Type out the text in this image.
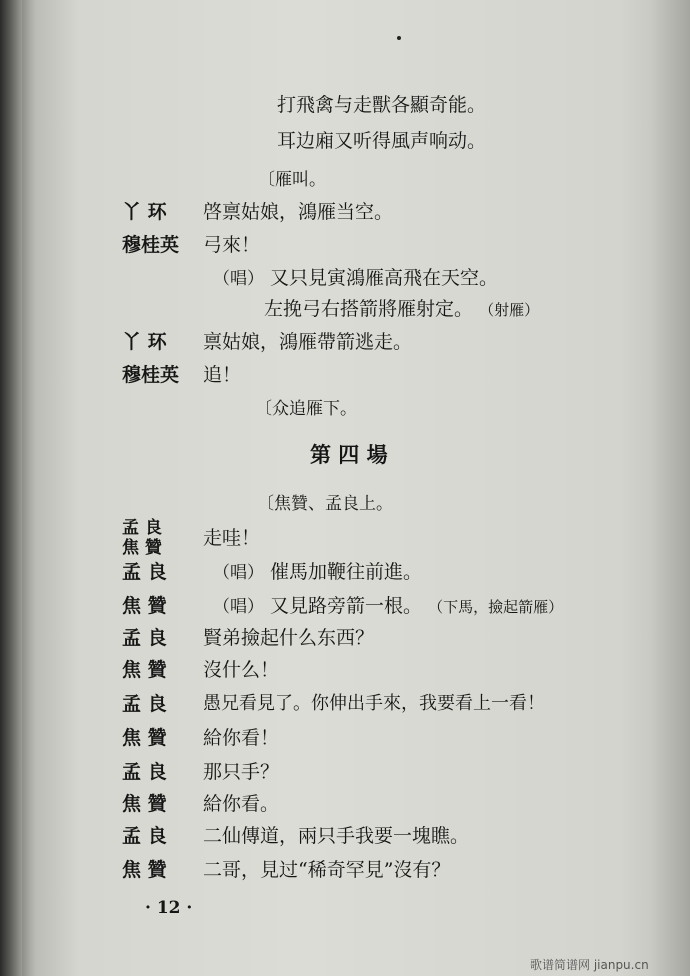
打飛禽与走獸各顯奇能。
耳边廂又听得風声响动。
〔雁叫。
丫 环 啓禀姑娘，鴻雁当空。
穆桂英 弓來！
（唱） 又只見寅鴻雁高飛在天空。
左挽弓右搭箭將雁射定。 （射雁）
丫 环 禀姑娘，鴻雁帶箭逃走。
穆桂英 追！
〔众追雁下。
第 四 場
〔焦贊、孟良上。
孟 良
焦 贊 走哇！
孟 良	（唱） 催馬加鞭往前進。
焦 贊	（唱） 又見路旁箭一根。 （下馬，撿起箭雁）
孟 良 賢弟撿起什么东西？
焦 贊 沒什么！
孟 良 愚兄看見了。你伸出手來，我要看上一看！
焦 贊 給你看！
孟 良 那只手？
焦 贊 給你看。
孟 良 二仙傳道，兩只手我要一塊瞧。
焦 贊 二哥，見过“稀奇罕見”沒有？
· 12 ·
歌谱简谱网 jianpu.cn
